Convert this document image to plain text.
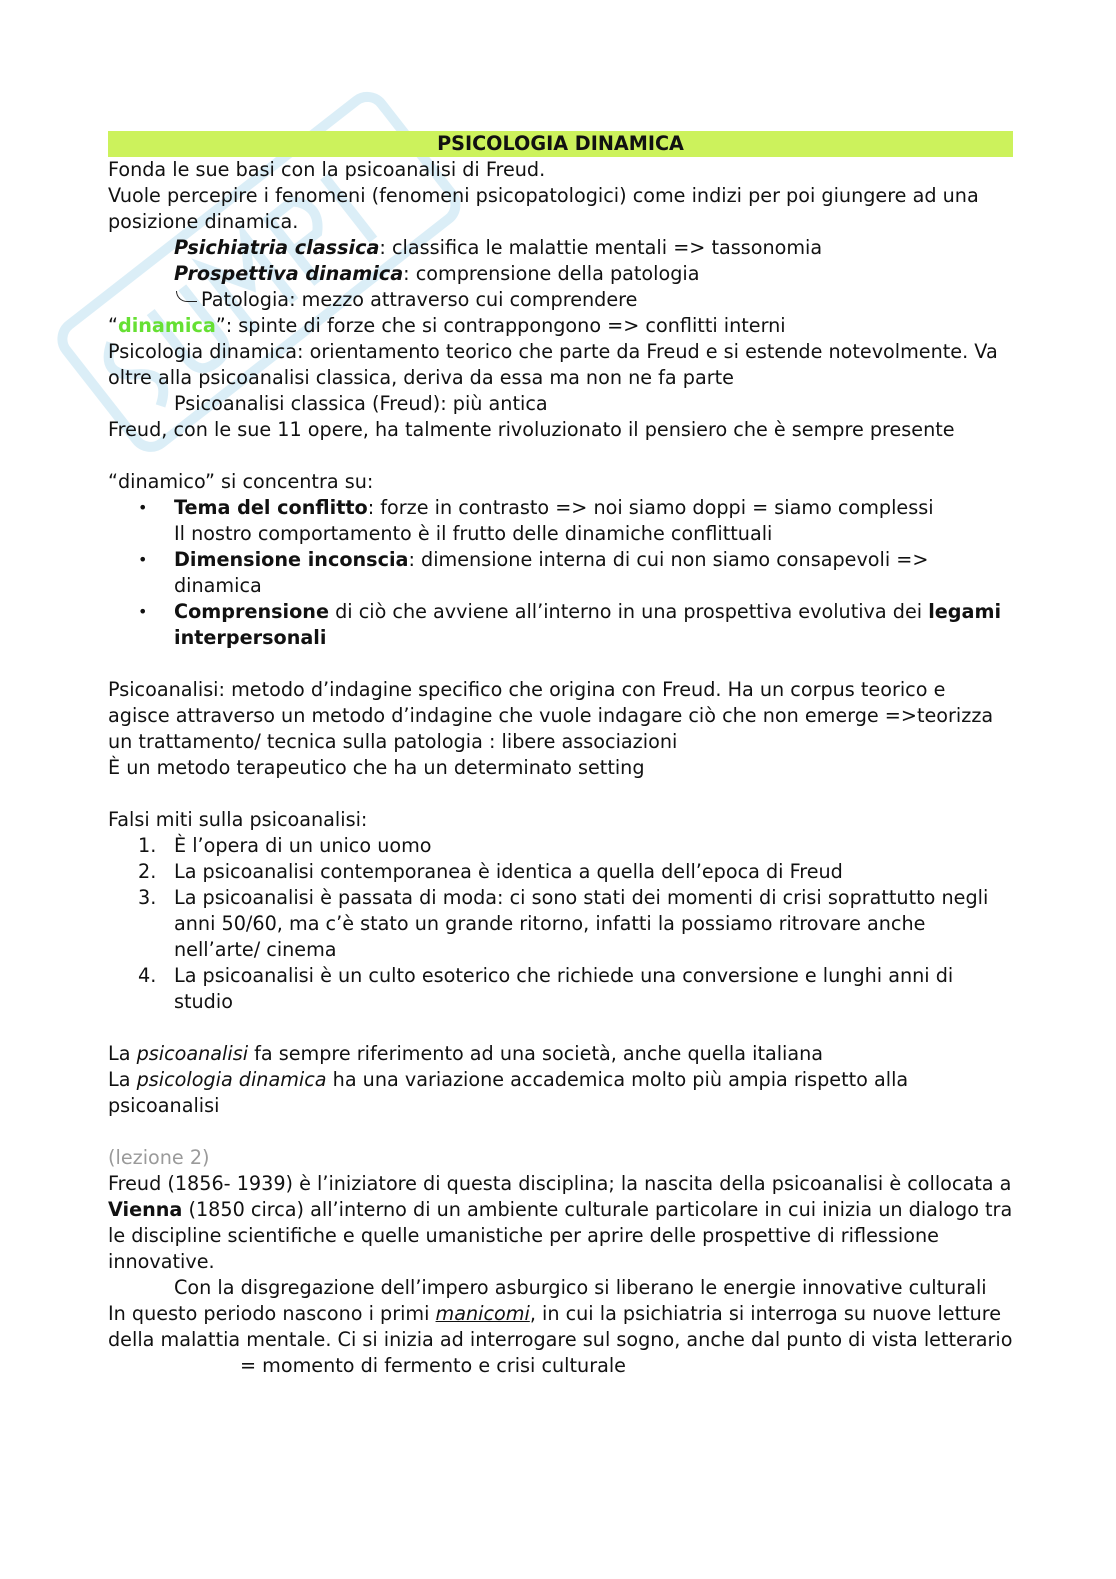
PSICOLOGIA DINAMICA
Fonda le sue basi con la psicoanalisi di Freud.
Vuole percepire i fenomeni (fenomeni psicopatologici) come indizi per poi giungere ad una posizione dinamica.
Psichiatria classica: classifica le malattie mentali => tassonomia
Prospettiva dinamica: comprensione della patologia
Patologia: mezzo attraverso cui comprendere
“dinamica”: spinte di forze che si contrappongono => conflitti interni
Psicologia dinamica: orientamento teorico che parte da Freud e si estende notevolmente. Va oltre alla psicoanalisi classica, deriva da essa ma non ne fa parte
Psicoanalisi classica (Freud): più antica
Freud, con le sue 11 opere, ha talmente rivoluzionato il pensiero che è sempre presente
“dinamico” si concentra su:
• Tema del conflitto: forze in contrasto => noi siamo doppi = siamo complessi
Il nostro comportamento è il frutto delle dinamiche conflittuali
• Dimensione inconscia: dimensione interna di cui non siamo consapevoli => dinamica
• Comprensione di ciò che avviene all’interno in una prospettiva evolutiva dei legami interpersonali
Psicoanalisi: metodo d’indagine specifico che origina con Freud. Ha un corpus teorico e agisce attraverso un metodo d’indagine che vuole indagare ciò che non emerge =>teorizza un trattamento/ tecnica sulla patologia : libere associazioni
È un metodo terapeutico che ha un determinato setting
Falsi miti sulla psicoanalisi:
1. È l’opera di un unico uomo
2. La psicoanalisi contemporanea è identica a quella dell’epoca di Freud
3. La psicoanalisi è passata di moda: ci sono stati dei momenti di crisi soprattutto negli anni 50/60, ma c’è stato un grande ritorno, infatti la possiamo ritrovare anche nell’arte/ cinema
4. La psicoanalisi è un culto esoterico che richiede una conversione e lunghi anni di studio
La psicoanalisi fa sempre riferimento ad una società, anche quella italiana
La psicologia dinamica ha una variazione accademica molto più ampia rispetto alla psicoanalisi
(lezione 2)
Freud (1856- 1939) è l’iniziatore di questa disciplina; la nascita della psicoanalisi è collocata a Vienna (1850 circa) all’interno di un ambiente culturale particolare in cui inizia un dialogo tra le discipline scientifiche e quelle umanistiche per aprire delle prospettive di riflessione innovative.
Con la disgregazione dell’impero asburgico si liberano le energie innovative culturali
In questo periodo nascono i primi manicomi, in cui la psichiatria si interroga su nuove letture della malattia mentale. Ci si inizia ad interrogare sul sogno, anche dal punto di vista letterario
= momento di fermento e crisi culturale
